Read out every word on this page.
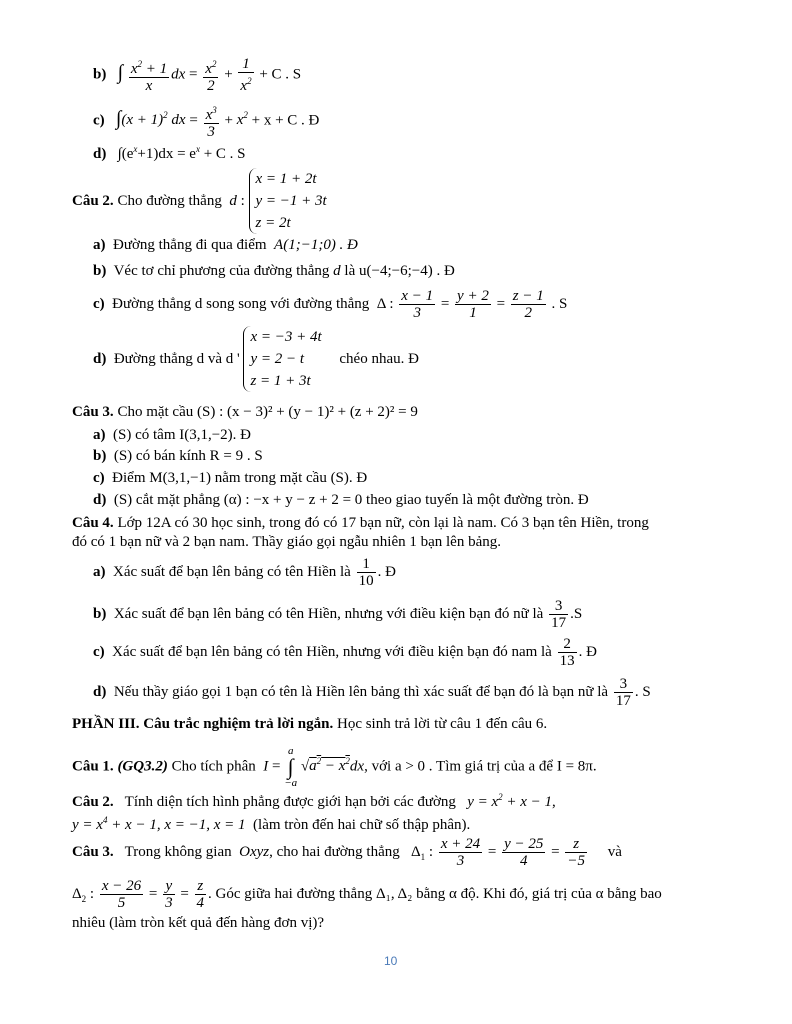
b) ∫ $\frac{x^2 + 1}{x}$ dx = $\frac{x^2}{2} + \frac{1}{x^2} + C$ . S
c) $\int(x + 1)^2$ dx = $\frac{x^3}{3} + x^2 + x + C$ . Đ
d) $\int(e^x+1)dx = e^x + C$ . S
Câu 2. Cho đường thẳng d :
x = 1 + 2t
y = −1 + 3t
z = 2t
a) Đường thẳng đi qua điểm A(1;−1;0) . Đ
b) Véc tơ chỉ phương của đường thẳng d là u(−4;−6;−4) . Đ
c) Đường thẳng d song song với đường thẳng  Δ : $\frac{x - 1}{3} = \frac{y + 2}{1} = \frac{z - 1}{2}$ . S
d) Đường thẳng d và d '
x = −3 + 4t
y = 2 − t
z = 1 + 3t
chéo nhau. Đ
Câu 3. Cho mặt cầu (S) : (x − 3)² + (y − 1)² + (z + 2)² = 9
a) (S) có tâm I(3,1,−2). Đ
b) (S) có bán kính R = 9 . S
c) Điểm M(3,1,−1) nằm trong mặt cầu (S). Đ
d) (S) cắt mặt phẳng (α) : −x + y − z + 2 = 0 theo giao tuyến là một đường tròn. Đ
Câu 4. Lớp 12A có 30 học sinh, trong đó có 17 bạn nữ, còn lại là nam. Có 3 bạn tên Hiền, trong
đó có 1 bạn nữ và 2 bạn nam. Thầy giáo gọi ngẫu nhiên 1 bạn lên bảng.
a) Xác suất để bạn lên bảng có tên Hiền là $\frac{1}{10}$ . Đ
b) Xác suất để bạn lên bảng có tên Hiền, nhưng với điều kiện bạn đó nữ là $\frac{3}{17} .S$
c) Xác suất để bạn lên bảng có tên Hiền, nhưng với điều kiện bạn đó nam là $\frac{2}{13}$ . Đ
d) Nếu thầy giáo gọi 1 bạn có tên là Hiền lên bảng thì xác suất để bạn đó là bạn nữ là $\frac{3}{17}$ . S
PHẦN III. Câu trắc nghiệm trả lời ngắn. Học sinh trả lời từ câu 1 đến câu 6.
Câu 1. (GQ3.2) Cho tích phân I =
a
∫
−a
$√a^2 - x^2dx$, với a > 0 . Tìm giá trị của a để I = 8π.
Câu 2. Tính diện tích hình phẳng được giới hạn bởi các đường $y = x^2 + x - 1$,
$y = x^4 + x - 1$, x = −1, x = 1 (làm tròn đến hai chữ số thập phân).
Câu 3. Trong không gian Oxyz, cho hai đường thẳng   $\Delta_1$ : $\frac{x + 24}{3} = \frac{y - 25}{4} = \frac{z}{-5}$ và
$\Delta_2$ : $\frac{x - 26}{5} = \frac{y}{3} = \frac{z}{4}$ . Góc giữa hai đường thẳng Δ₁, Δ₂ bằng α độ. Khi đó, giá trị của α bằng bao
nhiêu (làm tròn kết quả đến hàng đơn vị)?
10
